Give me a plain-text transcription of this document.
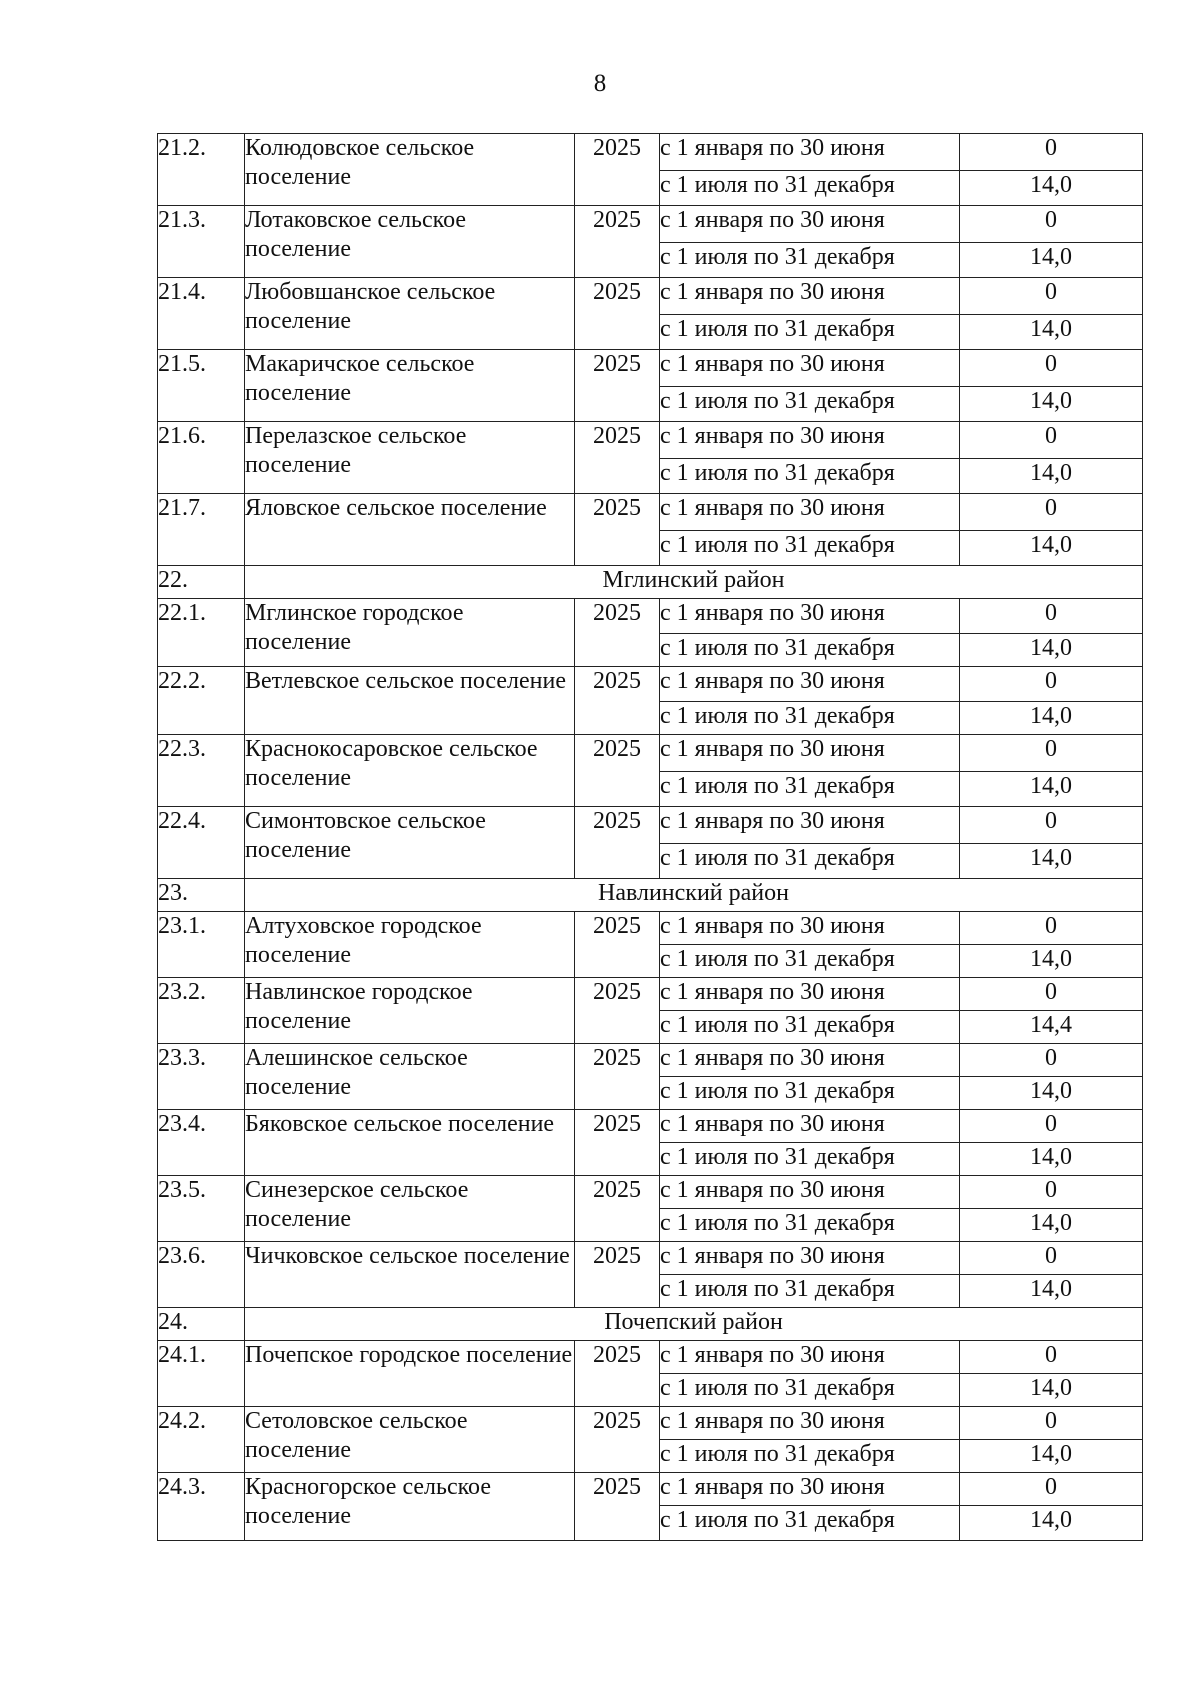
8
21.2.	Колюдовское сельское поселение	2025	с 1 января по 30 июня	0
			с 1 июля по 31 декабря	14,0
21.3.	Лотаковское сельское поселение	2025	с 1 января по 30 июня	0
			с 1 июля по 31 декабря	14,0
21.4.	Любовшанское сельское поселение	2025	с 1 января по 30 июня	0
			с 1 июля по 31 декабря	14,0
21.5.	Макаричское сельское поселение	2025	с 1 января по 30 июня	0
			с 1 июля по 31 декабря	14,0
21.6.	Перелазское сельское поселение	2025	с 1 января по 30 июня	0
			с 1 июля по 31 декабря	14,0
21.7.	Яловское сельское поселение	2025	с 1 января по 30 июня	0
			с 1 июля по 31 декабря	14,0
22.	Мглинский район			
22.1.	Мглинское городское поселение	2025	с 1 января по 30 июня	0
			с 1 июля по 31 декабря	14,0
22.2.	Ветлевское сельское поселение	2025	с 1 января по 30 июня	0
			с 1 июля по 31 декабря	14,0
22.3.	Краснокосаровское сельское поселение	2025	с 1 января по 30 июня	0
			с 1 июля по 31 декабря	14,0
22.4.	Симонтовское сельское поселение	2025	с 1 января по 30 июня	0
			с 1 июля по 31 декабря	14,0
23.	Навлинский район			
23.1.	Алтуховское городское поселение	2025	с 1 января по 30 июня	0
			с 1 июля по 31 декабря	14,0
23.2.	Навлинское городское поселение	2025	с 1 января по 30 июня	0
			с 1 июля по 31 декабря	14,4
23.3.	Алешинское сельское поселение	2025	с 1 января по 30 июня	0
			с 1 июля по 31 декабря	14,0
23.4.	Бяковское сельское поселение	2025	с 1 января по 30 июня	0
			с 1 июля по 31 декабря	14,0
23.5.	Синезерское сельское поселение	2025	с 1 января по 30 июня	0
			с 1 июля по 31 декабря	14,0
23.6.	Чичковское сельское поселение	2025	с 1 января по 30 июня	0
			с 1 июля по 31 декабря	14,0
24.	Почепский район			
24.1.	Почепское городское поселение	2025	с 1 января по 30 июня	0
			с 1 июля по 31 декабря	14,0
24.2.	Сетоловское сельское поселение	2025	с 1 января по 30 июня	0
			с 1 июля по 31 декабря	14,0
24.3.	Красногорское сельское поселение	2025	с 1 января по 30 июня	0
			с 1 июля по 31 декабря	14,0
